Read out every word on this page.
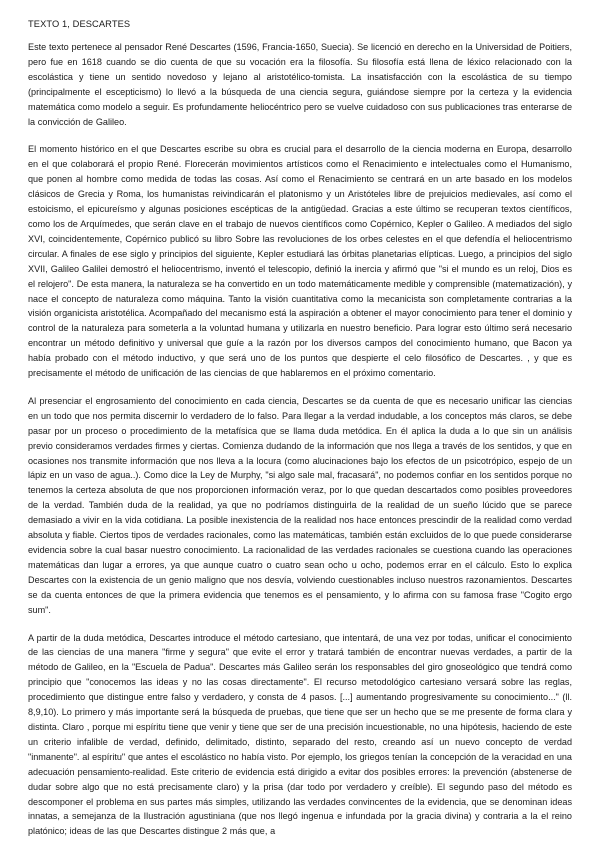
TEXTO 1, DESCARTES

Este texto pertenece al pensador René Descartes (1596, Francia-1650, Suecia). Se licenció en derecho en la Universidad de Poitiers, pero fue en 1618 cuando se dio cuenta de que su vocación era la filosofía. Su filosofía está llena de léxico relacionado con la escolástica y tiene un sentido novedoso y lejano al aristotélico-tomista. La insatisfacción con la escolástica de su tiempo (principalmente el escepticismo) lo llevó a la búsqueda de una ciencia segura, guiándose siempre por la certeza y la evidencia matemática como modelo a seguir. Es profundamente heliocéntrico pero se vuelve cuidadoso con sus publicaciones tras enterarse de la convicción de Galileo.

El momento histórico en el que Descartes escribe su obra es crucial para el desarrollo de la ciencia moderna en Europa, desarrollo en el que colaborará el propio René. Florecerán movimientos artísticos como el Renacimiento e intelectuales como el Humanismo, que ponen al hombre como medida de todas las cosas. Así como el Renacimiento se centrará en un arte basado en los modelos clásicos de Grecia y Roma, los humanistas reivindicarán el platonismo y un Aristóteles libre de prejuicios medievales, así como el estoicismo, el epicureísmo y algunas posiciones escépticas de la antigüedad. Gracias a este último se recuperan textos científicos, como los de Arquímedes, que serán clave en el trabajo de nuevos científicos como Copérnico, Kepler o Galileo. A mediados del siglo XVI, coincidentemente, Copérnico publicó su libro Sobre las revoluciones de los orbes celestes en el que defendía el heliocentrismo circular. A finales de ese siglo y principios del siguiente, Kepler estudiará las órbitas planetarias elípticas. Luego, a principios del siglo XVII, Galileo Galilei demostró el heliocentrismo, inventó el telescopio, definió la inercia y afirmó que "si el mundo es un reloj, Dios es el relojero". De esta manera, la naturaleza se ha convertido en un todo matemáticamente medible y comprensible (matematización), y nace el concepto de naturaleza como máquina. Tanto la visión cuantitativa como la mecanicista son completamente contrarias a la visión organicista aristotélica. Acompañado del mecanismo está la aspiración a obtener el mayor conocimiento para tener el dominio y control de la naturaleza para someterla a la voluntad humana y utilizarla en nuestro beneficio. Para lograr esto último será necesario encontrar un método definitivo y universal que guíe a la razón por los diversos campos del conocimiento humano, que Bacon ya había probado con el método inductivo, y que será uno de los puntos que despierte el celo filosófico de Descartes. , y que es precisamente el método de unificación de las ciencias de que hablaremos en el próximo comentario.

Al presenciar el engrosamiento del conocimiento en cada ciencia, Descartes se da cuenta de que es necesario unificar las ciencias en un todo que nos permita discernir lo verdadero de lo falso. Para llegar a la verdad indudable, a los conceptos más claros, se debe pasar por un proceso o procedimiento de la metafísica que se llama duda metódica. En él aplica la duda a lo que sin un análisis previo consideramos verdades firmes y ciertas. Comienza dudando de la información que nos llega a través de los sentidos, y que en ocasiones nos transmite información que nos lleva a la locura (como alucinaciones bajo los efectos de un psicotrópico, espejo de un lápiz en un vaso de agua..). Como dice la Ley de Murphy, "si algo sale mal, fracasará", no podemos confiar en los sentidos porque no tenemos la certeza absoluta de que nos proporcionen información veraz, por lo que quedan descartados como posibles proveedores de la verdad. También duda de la realidad, ya que no podríamos distinguirla de la realidad de un sueño lúcido que se parece demasiado a vivir en la vida cotidiana. La posible inexistencia de la realidad nos hace entonces prescindir de la realidad como verdad absoluta y fiable. Ciertos tipos de verdades racionales, como las matemáticas, también están excluidos de lo que puede considerarse evidencia sobre la cual basar nuestro conocimiento. La racionalidad de las verdades racionales se cuestiona cuando las operaciones matemáticas dan lugar a errores, ya que aunque cuatro o cuatro sean ocho u ocho, podemos errar en el cálculo. Esto lo explica Descartes con la existencia de un genio maligno que nos desvía, volviendo cuestionables incluso nuestros razonamientos. Descartes se da cuenta entonces de que la primera evidencia que tenemos es el pensamiento, y lo afirma con su famosa frase "Cogito ergo sum".

A partir de la duda metódica, Descartes introduce el método cartesiano, que intentará, de una vez por todas, unificar el conocimiento de las ciencias de una manera "firme y segura" que evite el error y tratará también de encontrar nuevas verdades, a partir de la método de Galileo, en la "Escuela de Padua". Descartes más Galileo serán los responsables del giro gnoseológico que tendrá como principio que "conocemos las ideas y no las cosas directamente". El recurso metodológico cartesiano versará sobre las reglas, procedimiento que distingue entre falso y verdadero, y consta de 4 pasos. [...] aumentando progresivamente su conocimiento..." (ll. 8,9,10). Lo primero y más importante será la búsqueda de pruebas, que tiene que ser un hecho que se me presente de forma clara y distinta. Claro , porque mi espíritu tiene que venir y tiene que ser de una precisión incuestionable, no una hipótesis, haciendo de este un criterio infalible de verdad, definido, delimitado, distinto, separado del resto, creando así un nuevo concepto de verdad "inmanente". al espíritu" que antes el escolástico no había visto. Por ejemplo, los griegos tenían la concepción de la veracidad en una adecuación pensamiento-realidad. Este criterio de evidencia está dirigido a evitar dos posibles errores: la prevención (abstenerse de dudar sobre algo que no está precisamente claro) y la prisa (dar todo por verdadero y creíble). El segundo paso del método es descomponer el problema en sus partes más simples, utilizando las verdades convincentes de la evidencia, que se denominan ideas innatas, a semejanza de la Ilustración agustiniana (que nos llegó ingenua e infundada por la gracia divina) y contraria a la el reino platónico; ideas de las que Descartes distingue 2 más que, a
